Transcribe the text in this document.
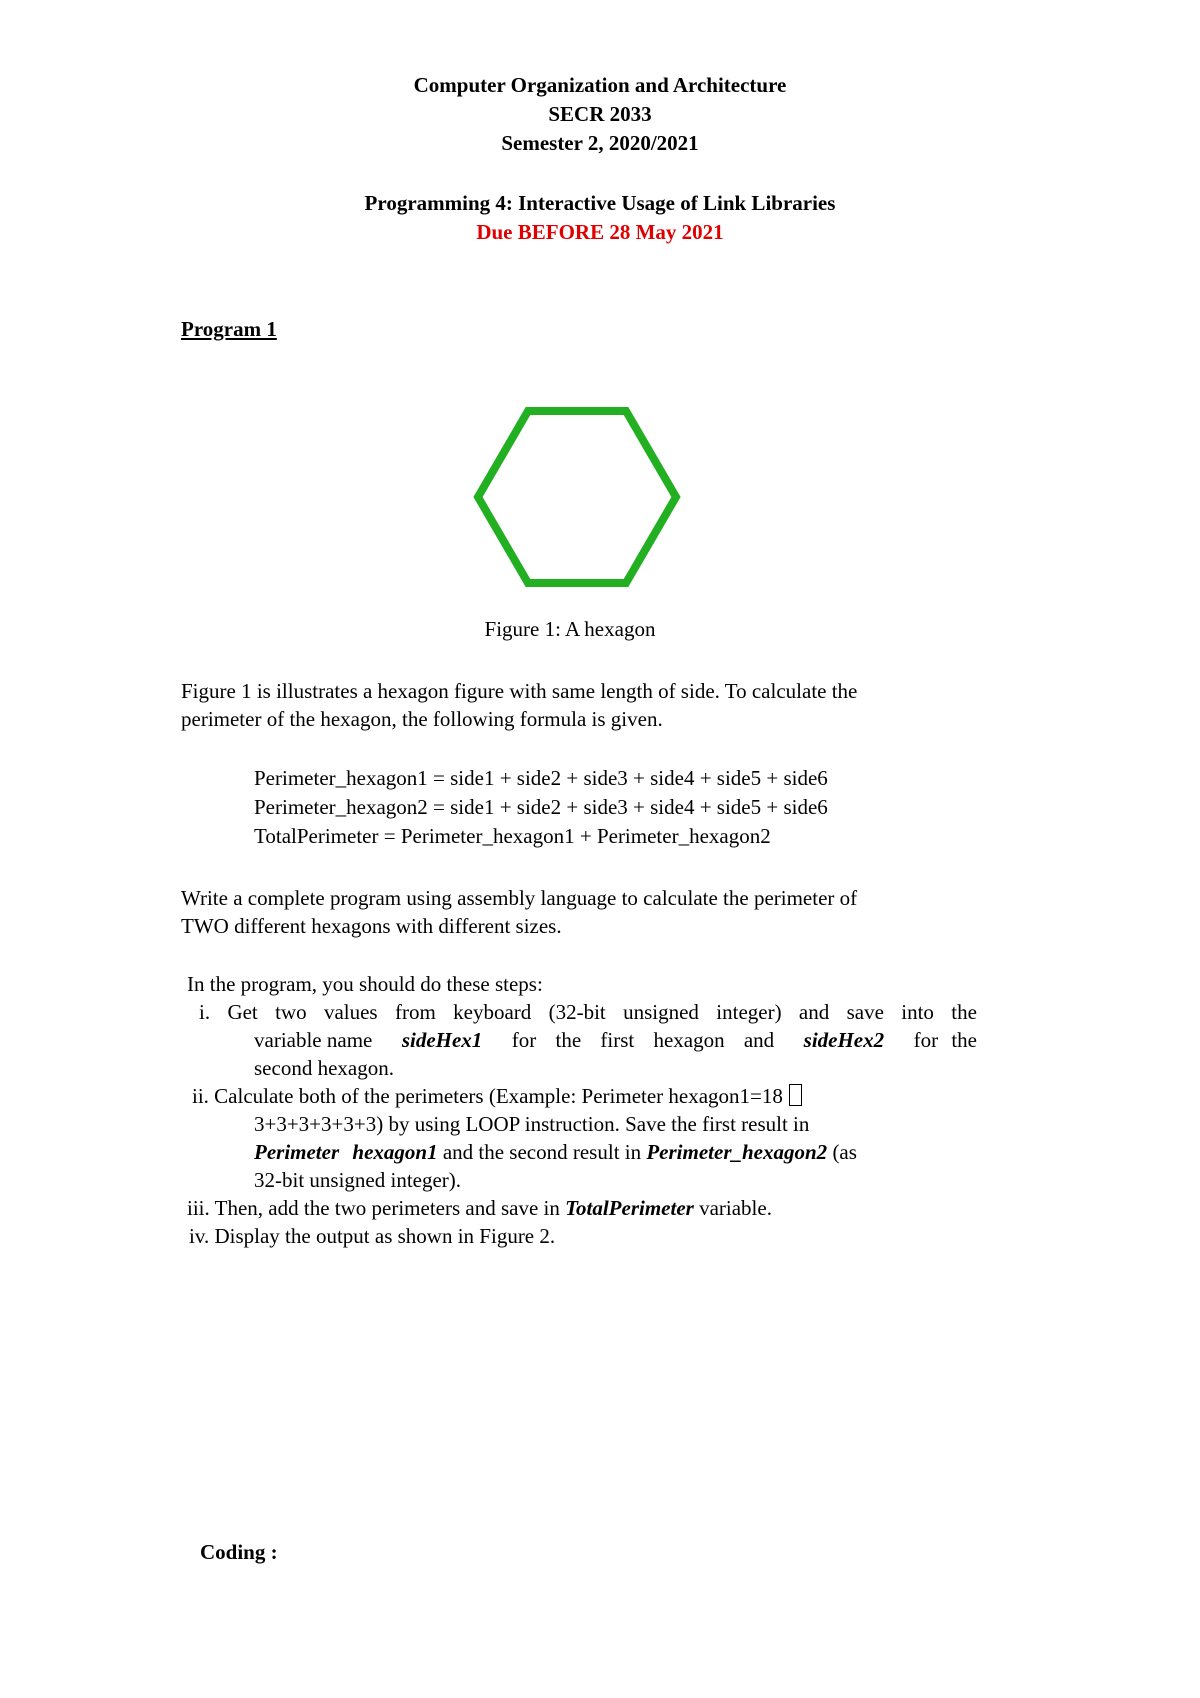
Computer Organization and Architecture
SECR 2033
Semester 2, 2020/2021
Programming 4: Interactive Usage of Link Libraries
Due BEFORE 28 May 2021
Program 1
Figure 1: A hexagon
Figure 1 is illustrates a hexagon figure with same length of side. To calculate the
perimeter of the hexagon, the following formula is given.
Perimeter_hexagon1 = side1 + side2 + side3 + side4 + side5 + side6
Perimeter_hexagon2 = side1 + side2 + side3 + side4 + side5 + side6
TotalPerimeter = Perimeter_hexagon1 + Perimeter_hexagon2
Write a complete program using assembly language to calculate the perimeter of
TWO different hexagons with different sizes.
In the program, you should do these steps:
i. Get two values from keyboard (32-bit unsigned integer) and save into the
variable name sideHex1 for the first hexagon and sideHex2 for the
second hexagon.
ii. Calculate both of the perimeters (Example: Perimeter hexagon1=18
3+3+3+3+3+3) by using LOOP instruction. Save the first result in
Perimeter hexagon1 and the second result in Perimeter_hexagon2 (as
32-bit unsigned integer).
iii. Then, add the two perimeters and save in TotalPerimeter variable.
iv. Display the output as shown in Figure 2.
Coding :
